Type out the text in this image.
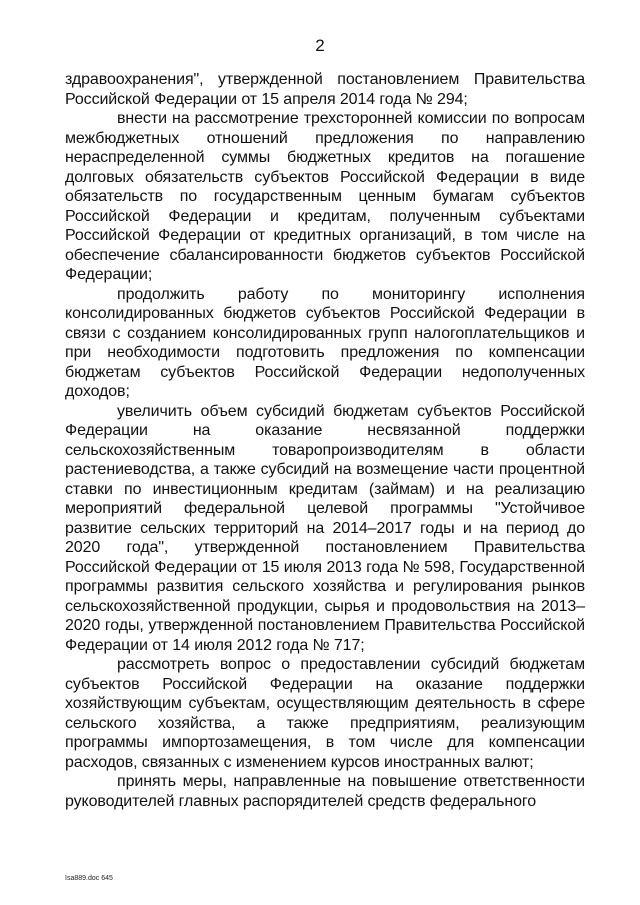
2

здравоохранения", утвержденной постановлением Правительства Российской Федерации от 15 апреля 2014 года № 294;

внести на рассмотрение трехсторонней комиссии по вопросам межбюджетных отношений предложения по направлению нераспределенной суммы бюджетных кредитов на погашение долговых обязательств субъектов Российской Федерации в виде обязательств по государственным ценным бумагам субъектов Российской Федерации и кредитам, полученным субъектами Российской Федерации от кредитных организаций, в том числе на обеспечение сбалансированности бюджетов субъектов Российской Федерации;

продолжить работу по мониторингу исполнения консолидированных бюджетов субъектов Российской Федерации в связи с созданием консолидированных групп налогоплательщиков и при необходимости подготовить предложения по компенсации бюджетам субъектов Российской Федерации недополученных доходов;

увеличить объем субсидий бюджетам субъектов Российской Федерации на оказание несвязанной поддержки сельскохозяйственным товаропроизводителям в области растениеводства, а также субсидий на возмещение части процентной ставки по инвестиционным кредитам (займам) и на реализацию мероприятий федеральной целевой программы "Устойчивое развитие сельских территорий на 2014–2017 годы и на период до 2020 года", утвержденной постановлением Правительства Российской Федерации от 15 июля 2013 года № 598, Государственной программы развития сельского хозяйства и регулирования рынков сельскохозяйственной продукции, сырья и продовольствия на 2013–2020 годы, утвержденной постановлением Правительства Российской Федерации от 14 июля 2012 года № 717;

рассмотреть вопрос о предоставлении субсидий бюджетам субъектов Российской Федерации на оказание поддержки хозяйствующим субъектам, осуществляющим деятельность в сфере сельского хозяйства, а также предприятиям, реализующим программы импортозамещения, в том числе для компенсации расходов, связанных с изменением курсов иностранных валют;

принять меры, направленные на повышение ответственности руководителей главных распорядителей средств федерального

Isa889.doc 645
